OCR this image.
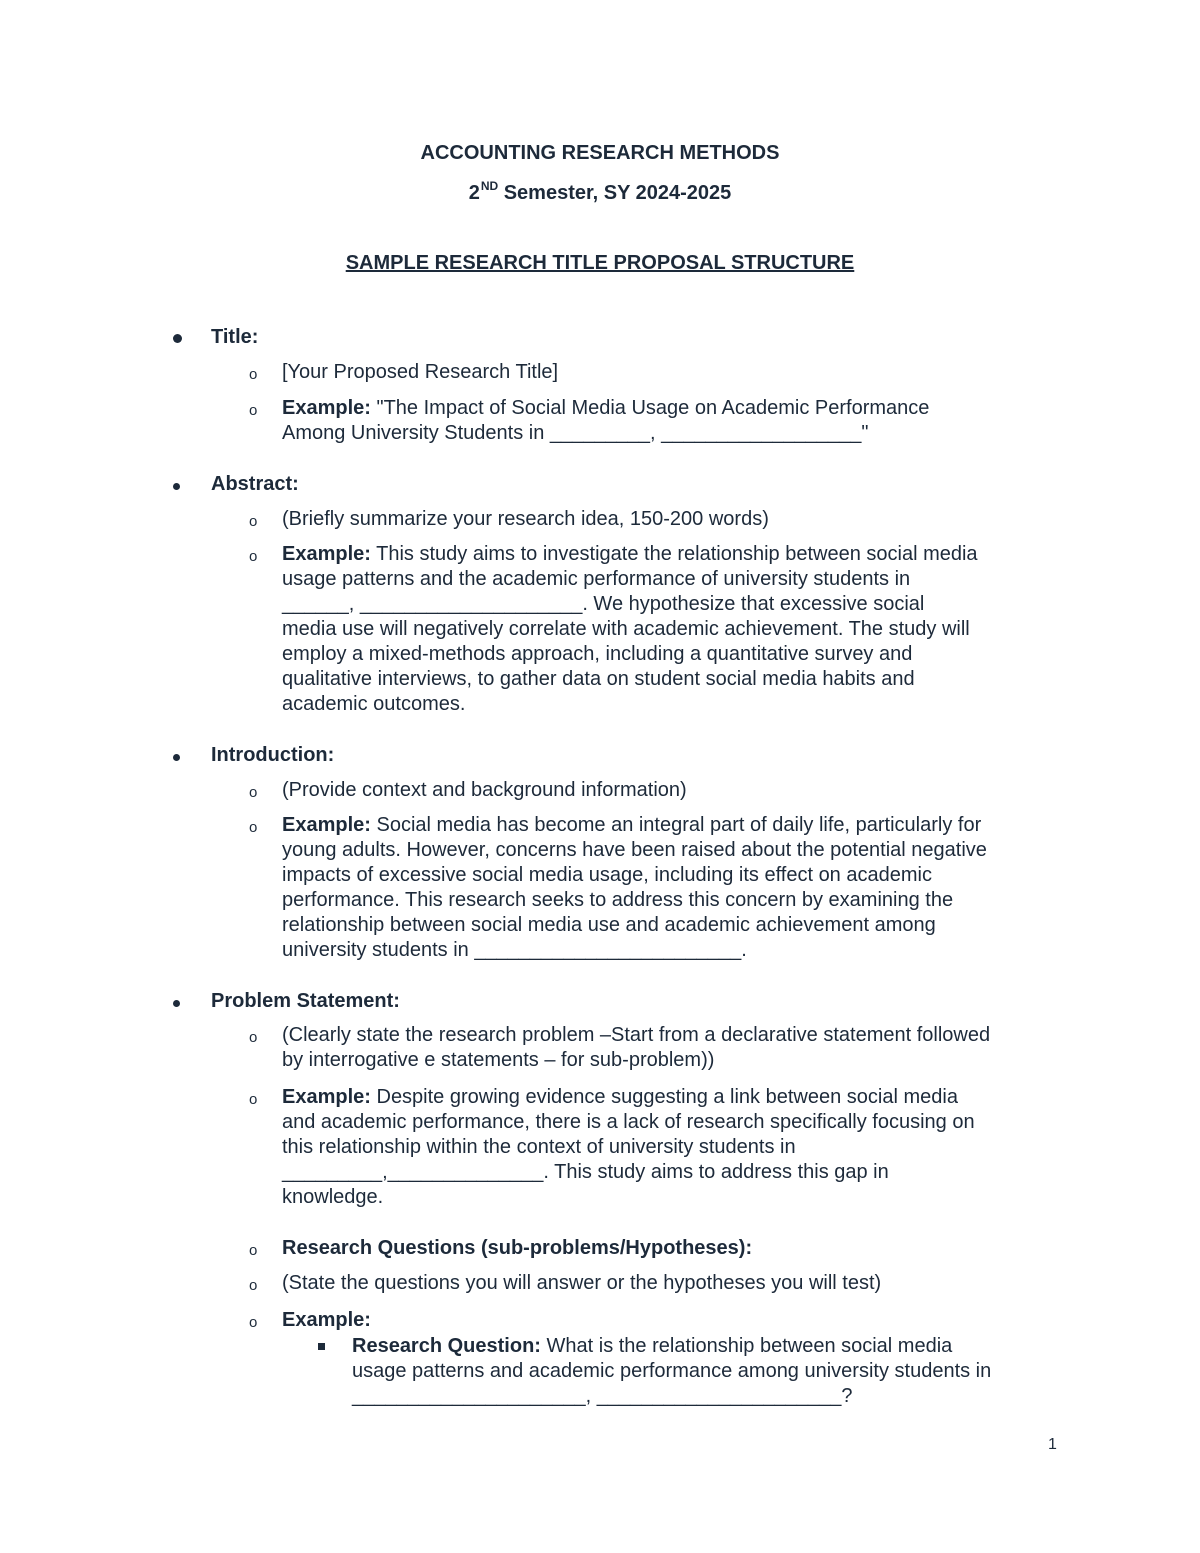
ACCOUNTING RESEARCH METHODS
2ND Semester, SY 2024-2025
SAMPLE RESEARCH TITLE PROPOSAL STRUCTURE
Title:
o [Your Proposed Research Title]
o Example: "The Impact of Social Media Usage on Academic Performance
Among University Students in _________, __________________"
Abstract:
o (Briefly summarize your research idea, 150-200 words)
o Example: This study aims to investigate the relationship between social media
usage patterns and the academic performance of university students in
______, ____________________. We hypothesize that excessive social
media use will negatively correlate with academic achievement. The study will
employ a mixed-methods approach, including a quantitative survey and
qualitative interviews, to gather data on student social media habits and
academic outcomes.
Introduction:
o (Provide context and background information)
o Example: Social media has become an integral part of daily life, particularly for
young adults. However, concerns have been raised about the potential negative
impacts of excessive social media usage, including its effect on academic
performance. This research seeks to address this concern by examining the
relationship between social media use and academic achievement among
university students in ________________________.
Problem Statement:
o (Clearly state the research problem –Start from a declarative statement followed
by interrogative e statements – for sub-problem))
o Example: Despite growing evidence suggesting a link between social media
and academic performance, there is a lack of research specifically focusing on
this relationship within the context of university students in
_________,______________. This study aims to address this gap in
knowledge.
o Research Questions (sub-problems/Hypotheses):
o (State the questions you will answer or the hypotheses you will test)
o Example:
Research Question: What is the relationship between social media
usage patterns and academic performance among university students in
_____________________, ______________________?
1
